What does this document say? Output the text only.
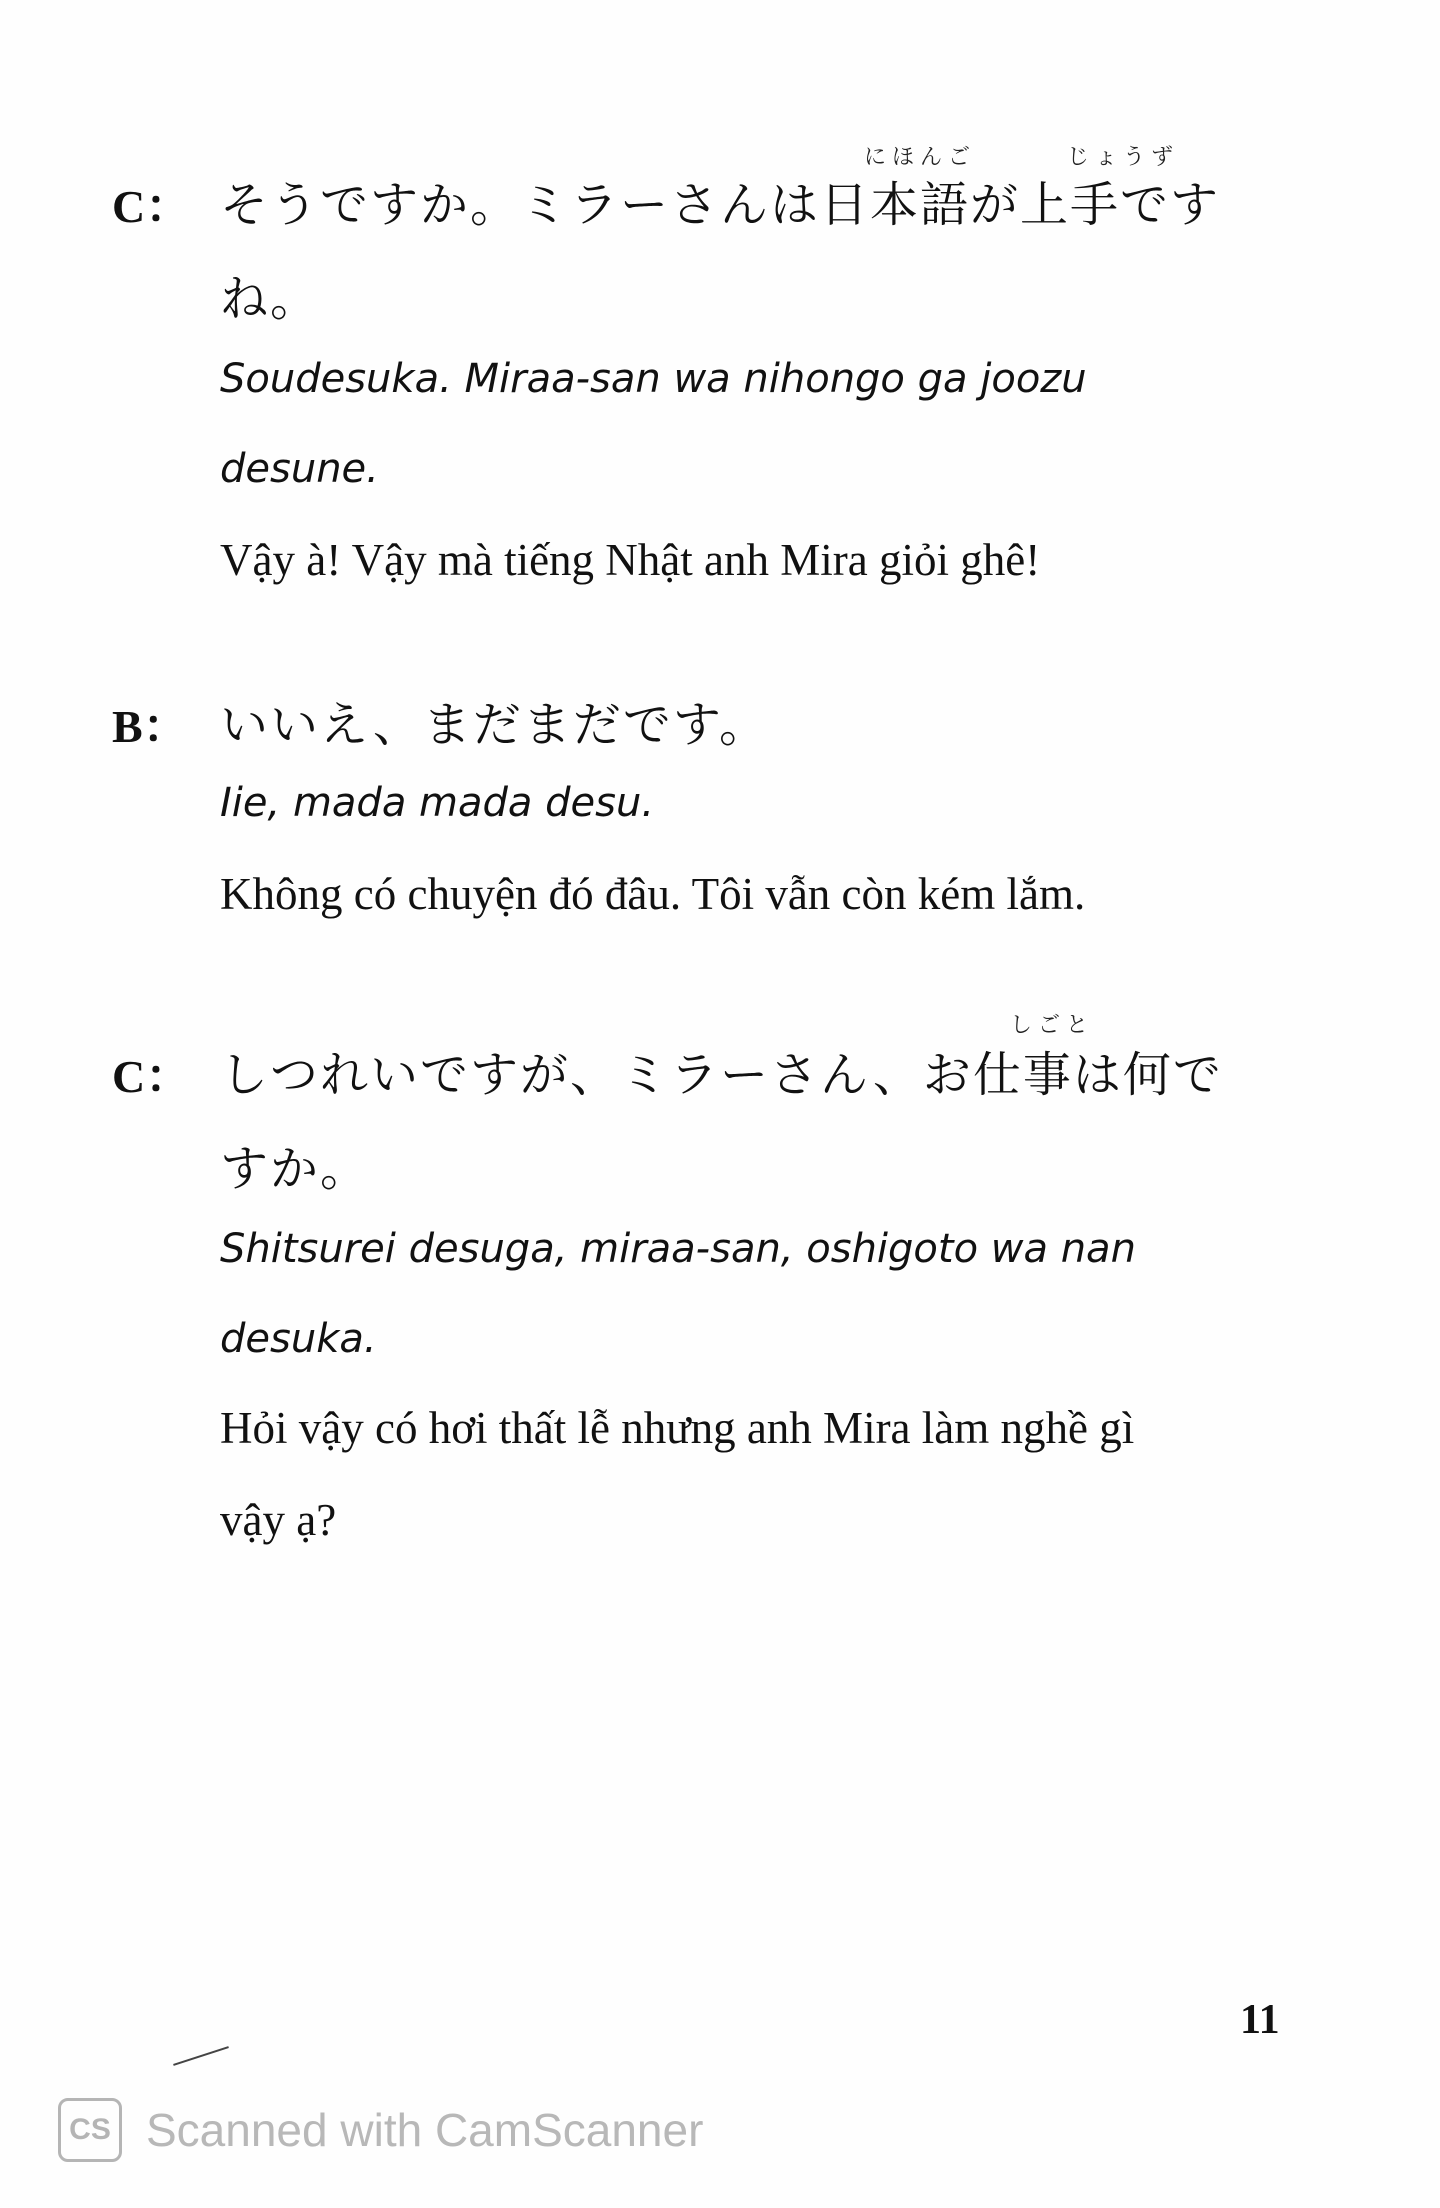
にほんご	じょうず
C： そうですか。ミラーさんは日本語が上手です
ね。
Soudesuka. Miraa-san wa nihongo ga joozu
desune.
Vậy à! Vậy mà tiếng Nhật anh Mira giỏi ghê!
B： いいえ、まだまだです。
Iie, mada mada desu.
Không có chuyện đó đâu. Tôi vẫn còn kém lắm.
しごと
C： しつれいですが、ミラーさん、お仕事は何で
すか。
Shitsurei desuga, miraa-san, oshigoto wa nan
desuka.
Hỏi vậy có hơi thất lễ nhưng anh Mira làm nghề gì
vậy ạ?
11
CS Scanned with CamScanner
